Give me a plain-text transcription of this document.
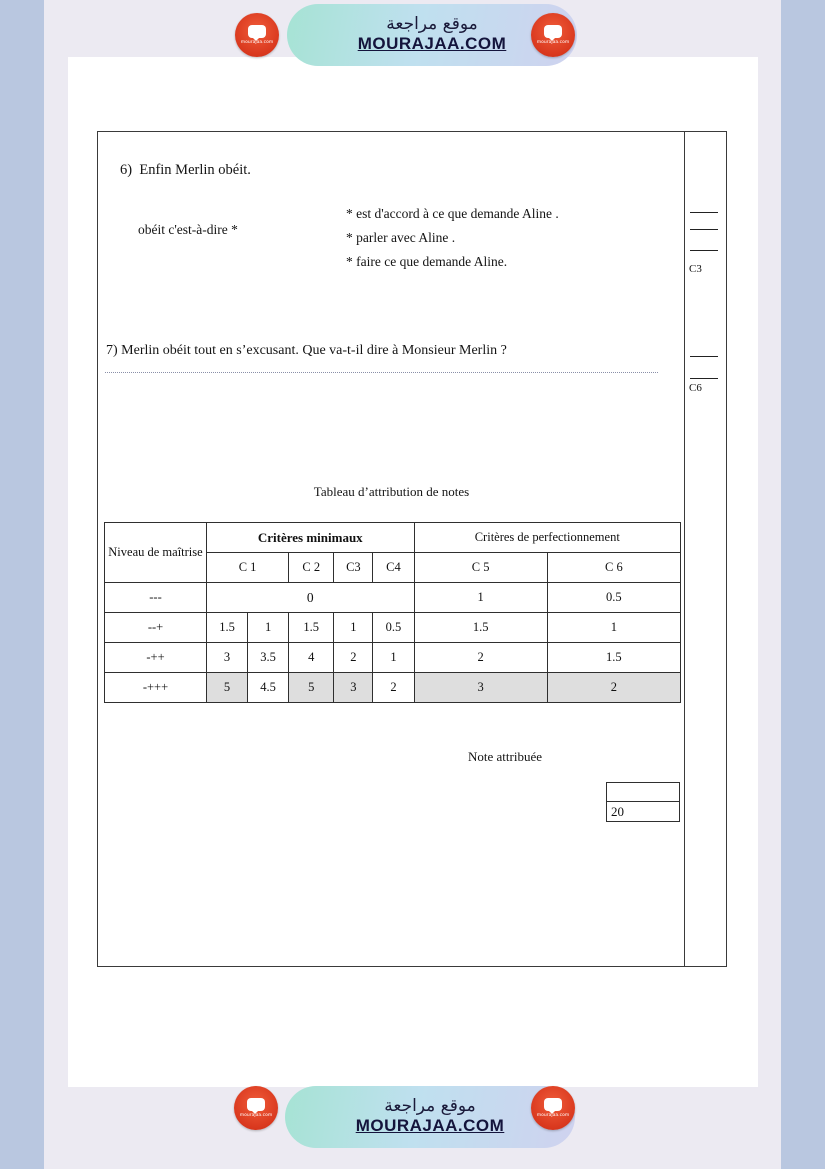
موقع مراجعة
MOURAJAA.COM
mourajaa.com	mourajaa.com
موقع مراجعة
MOURAJAA.COM
mourajaa.com	mourajaa.com
6) Enfin Merlin obéit.
obéit c'est-à-dire *
* est d'accord à ce que demande Aline .
* parler avec Aline .
* faire ce que demande Aline.
7) Merlin obéit tout en s’excusant. Que va-t-il dire à Monsieur Merlin ?
Tableau d’attribution de notes
Niveau de maîtrise	Critères minimaux					Critères de perfectionnement	
	C 1		C 2	C3	C4	C 5	C 6
---	0					1	0.5
--+	1.5	1	1.5	1	0.5	1.5	1
-++	3	3.5	4	2	1	2	1.5
-+++	5	4.5	5	3	2	3	2
Note attribuée
20
C3
C6
